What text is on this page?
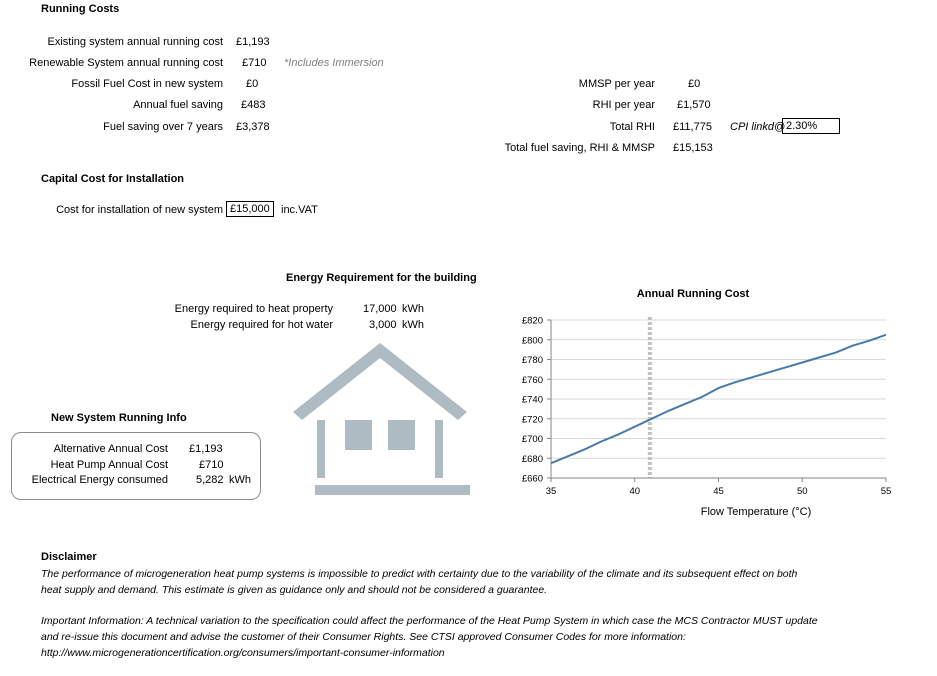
Running Costs
Existing system annual running cost £1,193
Renewable System annual running cost £710 *Includes Immersion
Fossil Fuel Cost in new system £0
Annual fuel saving £483
Fuel saving over 7 years £3,378
MMSP per year	£0
RHI per year £1,570
Total RHI £11,775 CPI linkd@ 2.30%
Total fuel saving, RHI & MMSP £15,153
Capital Cost for Installation
Cost for installation of new system £15,000	inc.VAT
Energy Requirement for the building
Energy required to heat property	17,000 kWh
Energy required for hot water	3,000 kWh
New System Running Info
Alternative Annual Cost £1,193
Heat Pump Annual Cost	£710
Electrical Energy consumed	5,282 kWh
Annual Running Cost
£660
£680
£700
£720
£740
£760
£780
£800
£820
35	40	45	50	55
Flow Temperature (°C)
Disclaimer
The performance of microgeneration heat pump systems is impossible to predict with certainty due to the variability of the climate and its subsequent effect on both
heat supply and demand. This estimate is given as guidance only and should not be considered a guarantee.
Important Information: A technical variation to the specification could affect the performance of the Heat Pump System in which case the MCS Contractor MUST update
and re-issue this document and advise the customer of their Consumer Rights. See CTSI approved Consumer Codes for more information:
http://www.microgenerationcertification.org/consumers/important-consumer-information
